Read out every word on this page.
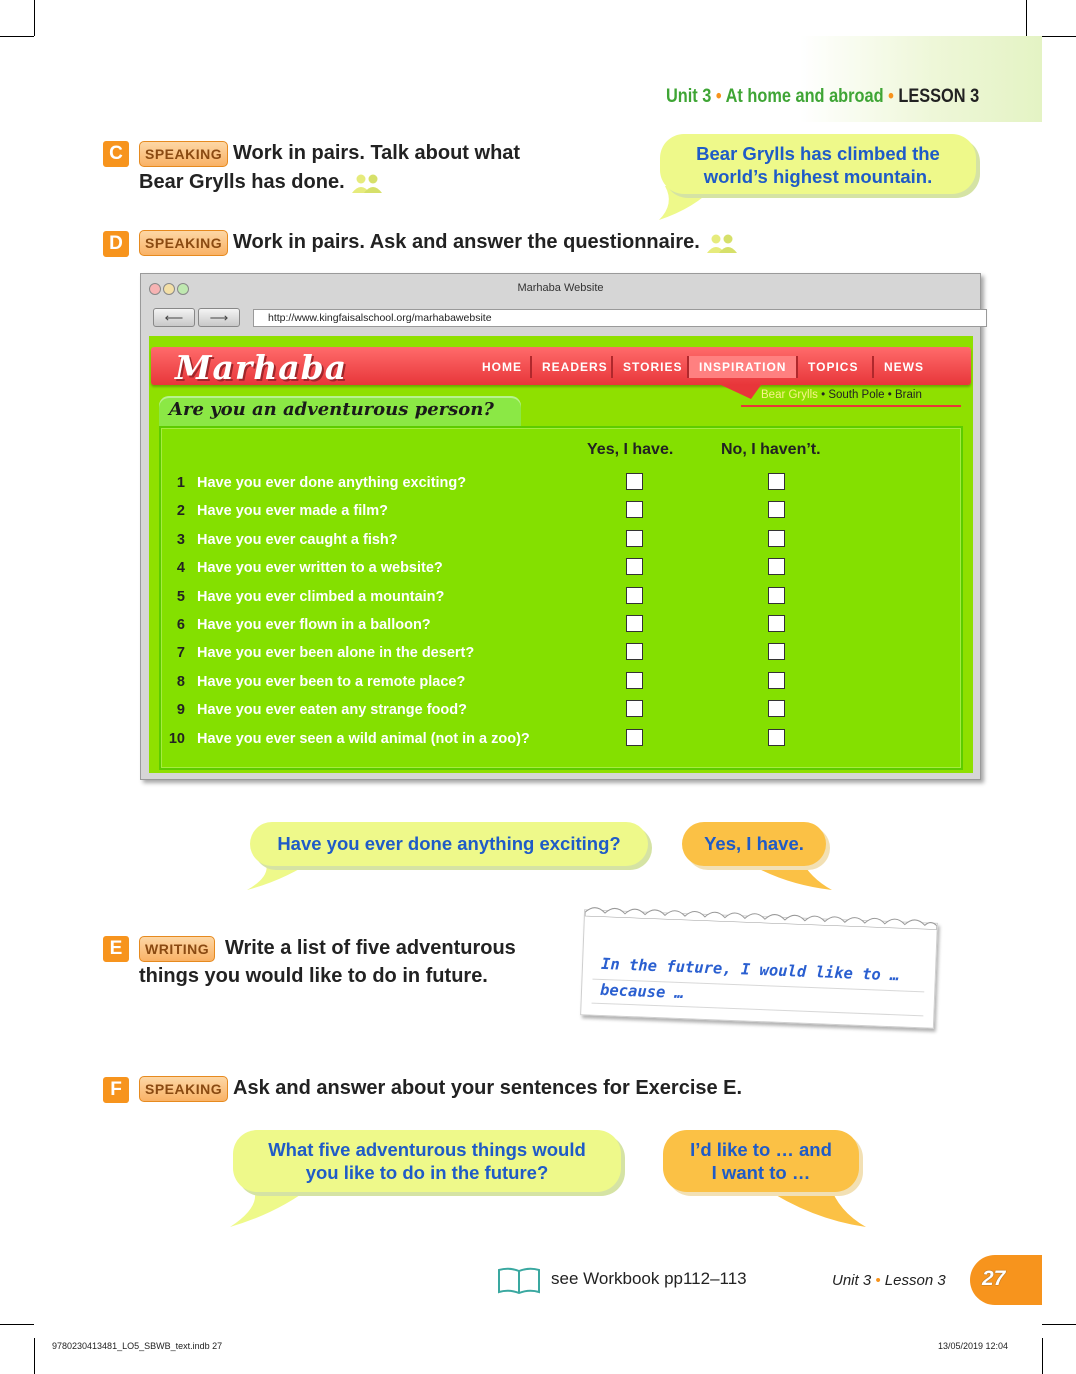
Unit 3 • At home and abroad • LESSON 3
C	SPEAKING Work in pairs. Talk about what
Bear Grylls has done.
Bear Grylls has climbed the
world’s highest mountain.
D	SPEAKING Work in pairs. Ask and answer the questionnaire.
Marhaba Website
⟵	⟶	http://www.kingfaisalschool.org/marhabawebsite
Marhaba	HOME	READERS	STORIES	INSPIRATION	TOPICS	NEWS
Bear Grylls • South Pole • Brain
Are you an adventurous person?
Yes, I have.	No, I haven’t.
1 Have you ever done anything exciting?
2 Have you ever made a film?
3 Have you ever caught a fish?
4 Have you ever written to a website?
5 Have you ever climbed a mountain?
6 Have you ever flown in a balloon?
7 Have you ever been alone in the desert?
8 Have you ever been to a remote place?
9 Have you ever eaten any strange food?
10 Have you ever seen a wild animal (not in a zoo)?
Have you ever done anything exciting?	Yes, I have.
E	WRITING Write a list of five adventurous
things you would like to do in future.	In the future, I would like to …
because …
F	SPEAKING Ask and answer about your sentences for Exercise E.
What five adventurous things would
you like to do in the future?
I’d like to … and
I want to …
see Workbook pp112–113	Unit 3 • Lesson 3 27
9780230413481_LO5_SBWB_text.indb 27	13/05/2019 12:04
